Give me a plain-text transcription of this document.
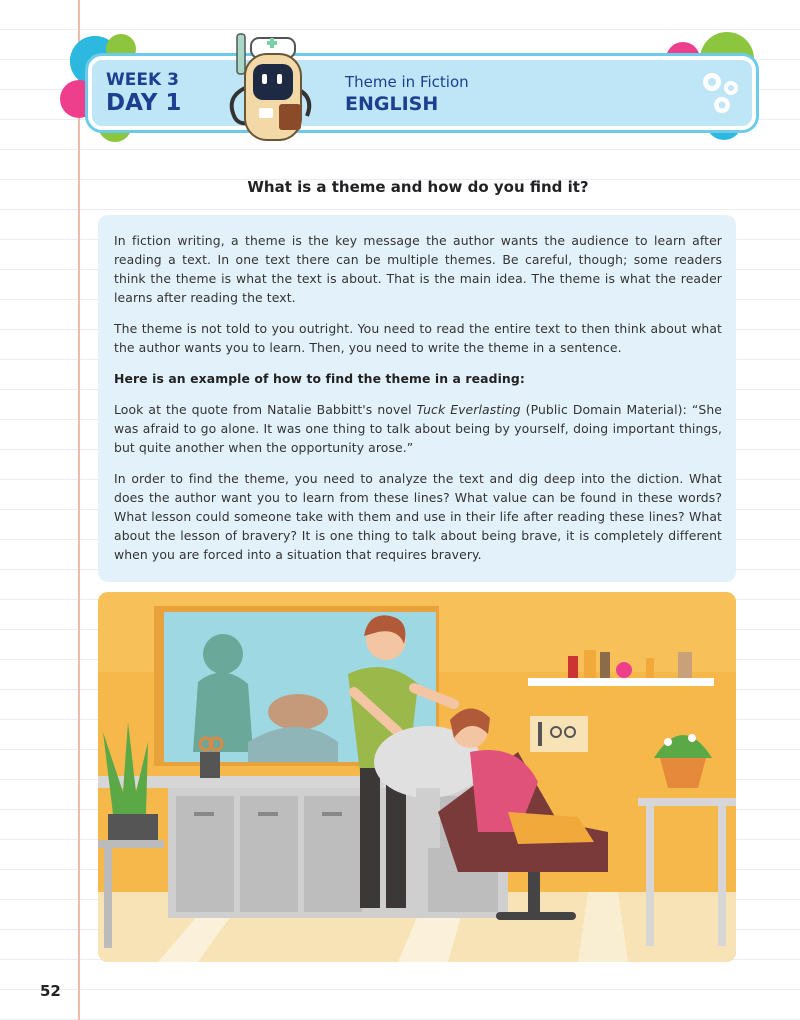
WEEK 3
DAY 1
Theme in Fiction
ENGLISH
What is a theme and how do you find it?

In fiction writing, a theme is the key message the author wants the audience to learn after reading a text. In one text there can be multiple themes. Be careful, though; some readers think the theme is what the text is about. That is the main idea. The theme is what the reader learns after reading the text.

The theme is not told to you outright. You need to read the entire text to then think about what the author wants you to learn. Then, you need to write the theme in a sentence.

Here is an example of how to find the theme in a reading:

Look at the quote from Natalie Babbitt's novel Tuck Everlasting (Public Domain Material): “She was afraid to go alone. It was one thing to talk about being by yourself, doing important things, but quite another when the opportunity arose.”

In order to find the theme, you need to analyze the text and dig deep into the diction. What does the author want you to learn from these lines? What value can be found in these words? What lesson could someone take with them and use in their life after reading these lines? What about the lesson of bravery? It is one thing to talk about being brave, it is completely different when you are forced into a situation that requires bravery.

52
